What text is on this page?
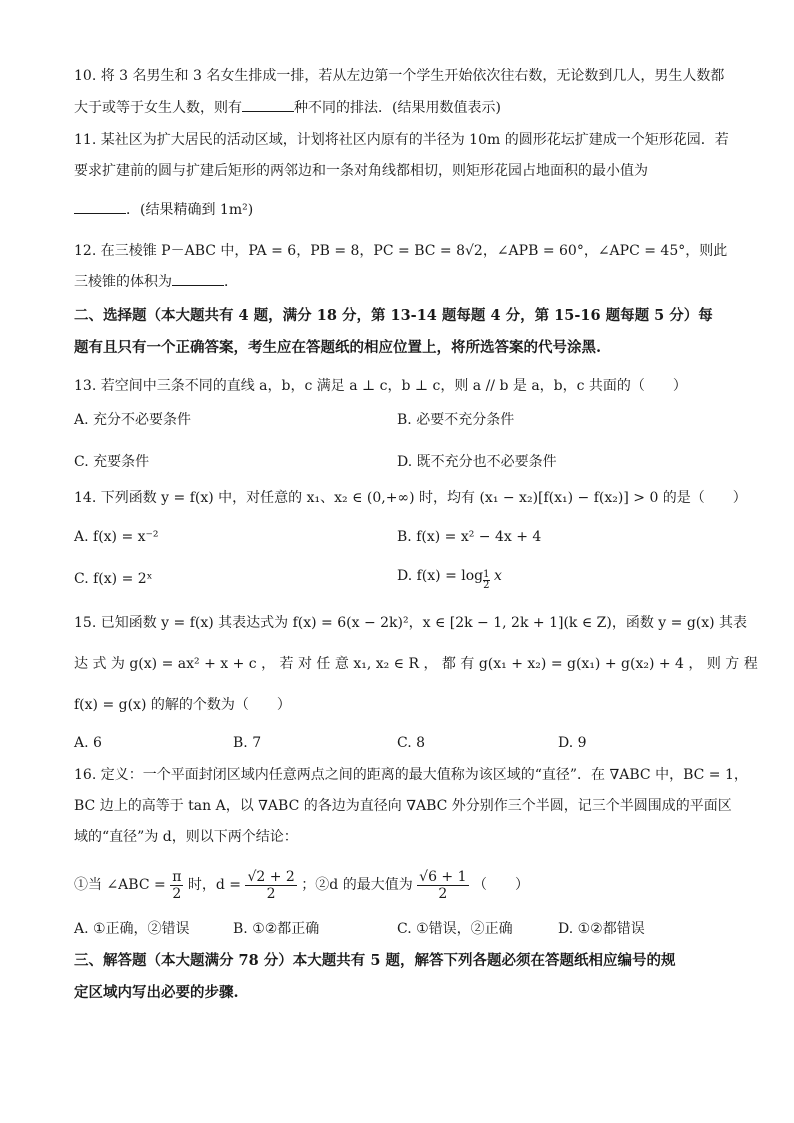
10. 将 3 名男生和 3 名女生排成一排，若从左边第一个学生开始依次往右数，无论数到几人，男生人数都
大于或等于女生人数，则有	种不同的排法．(结果用数值表示)
11. 某社区为扩大居民的活动区域，计划将社区内原有的半径为 10m 的圆形花坛扩建成一个矩形花园．若
要求扩建前的圆与扩建后矩形的两邻边和一条对角线都相切，则矩形花园占地面积的最小值为
．(结果精确到 1m²)
12. 在三棱锥 P－ABC 中，PA = 6，PB = 8，PC = BC = 8√2，∠APB = 60°，∠APC = 45°，则此
三棱锥的体积为	．
二、选择题（本大题共有 4 题，满分 18 分，第 13-14 题每题 4 分，第 15-16 题每题 5 分）每
题有且只有一个正确答案，考生应在答题纸的相应位置上，将所选答案的代号涂黑.
13. 若空间中三条不同的直线 a，b，c 满足 a ⊥ c，b ⊥ c，则 a // b 是 a，b，c 共面的（　　）
A. 充分不必要条件	B. 必要不充分条件
C. 充要条件	D. 既不充分也不必要条件
14. 下列函数 y = f(x) 中，对任意的 x₁、x₂ ∈ (0,+∞) 时，均有 (x₁ − x₂)[f(x₁) − f(x₂)] > 0 的是（　　）
A. f(x) = x⁻²	B. f(x) = x² − 4x + 4
C. f(x) = 2ˣ	D. $f(x) = \log \frac{1}{2}$ x
15. 已知函数 y = f(x) 其表达式为 f(x) = 6(x − 2k)²，x ∈ [2k − 1, 2k + 1](k ∈ Z)，函数 y = g(x) 其表
达 式 为 g(x) = ax² + x + c ， 若 对 任 意 x₁, x₂ ∈ R ， 都 有 g(x₁ + x₂) = g(x₁) + g(x₂) + 4 ， 则 方 程
f(x) = g(x) 的解的个数为（　　）
A. 6	B. 7	C. 8	D. 9
16. 定义：一个平面封闭区域内任意两点之间的距离的最大值称为该区域的“直径”．在 ∇ABC 中，BC = 1，
BC 边上的高等于 tan A，以 ∇ABC 的各边为直径向 ∇ABC 外分别作三个半圆，记三个半圆围成的平面区
域的“直径”为 d，则以下两个结论：
①当 ∠ABC = $\frac{\pi}{2}$ 时，$d = \frac{√2 + 2}{2}$ ；②d 的最大值为 $\frac{√6 + 1}{2}$ （　　）
A. ①正确，②错误	B. ①②都正确	C. ①错误，②正确	D. ①②都错误
三、解答题（本大题满分 78 分）本大题共有 5 题，解答下列各题必须在答题纸相应编号的规
定区域内写出必要的步骤.
